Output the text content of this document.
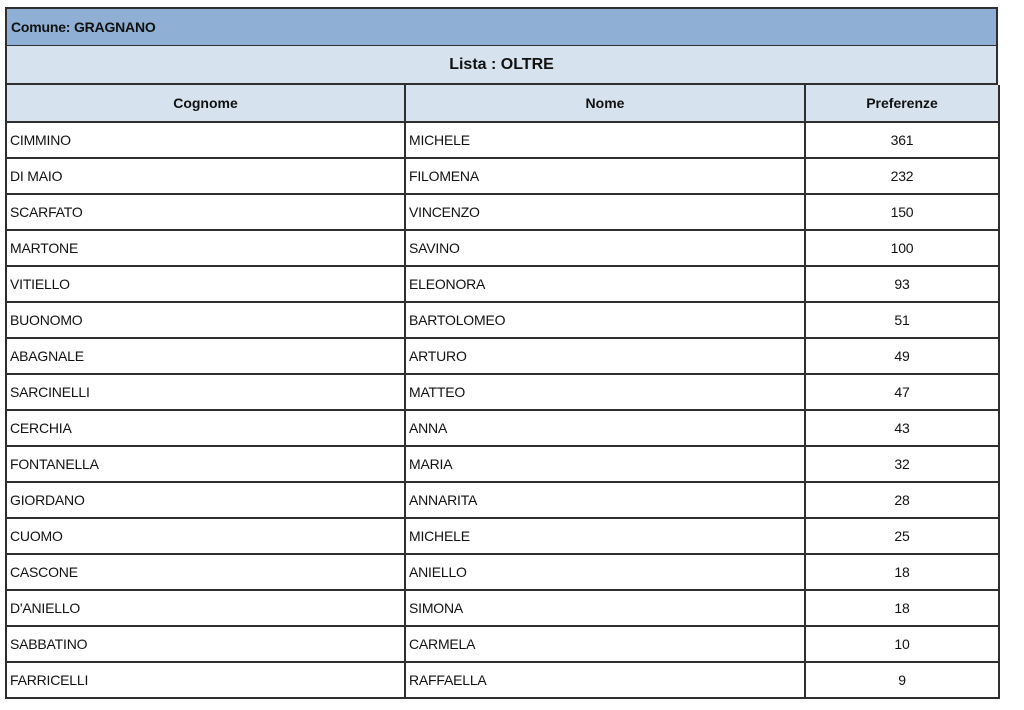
Comune: GRAGNANO
Lista : OLTRE
Cognome	Nome	Preferenze
CIMMINO	MICHELE	361
DI MAIO	FILOMENA	232
SCARFATO	VINCENZO	150
MARTONE	SAVINO	100
VITIELLO	ELEONORA	93
BUONOMO	BARTOLOMEO	51
ABAGNALE	ARTURO	49
SARCINELLI	MATTEO	47
CERCHIA	ANNA	43
FONTANELLA	MARIA	32
GIORDANO	ANNARITA	28
CUOMO	MICHELE	25
CASCONE	ANIELLO	18
D'ANIELLO	SIMONA	18
SABBATINO	CARMELA	10
FARRICELLI	RAFFAELLA	9
